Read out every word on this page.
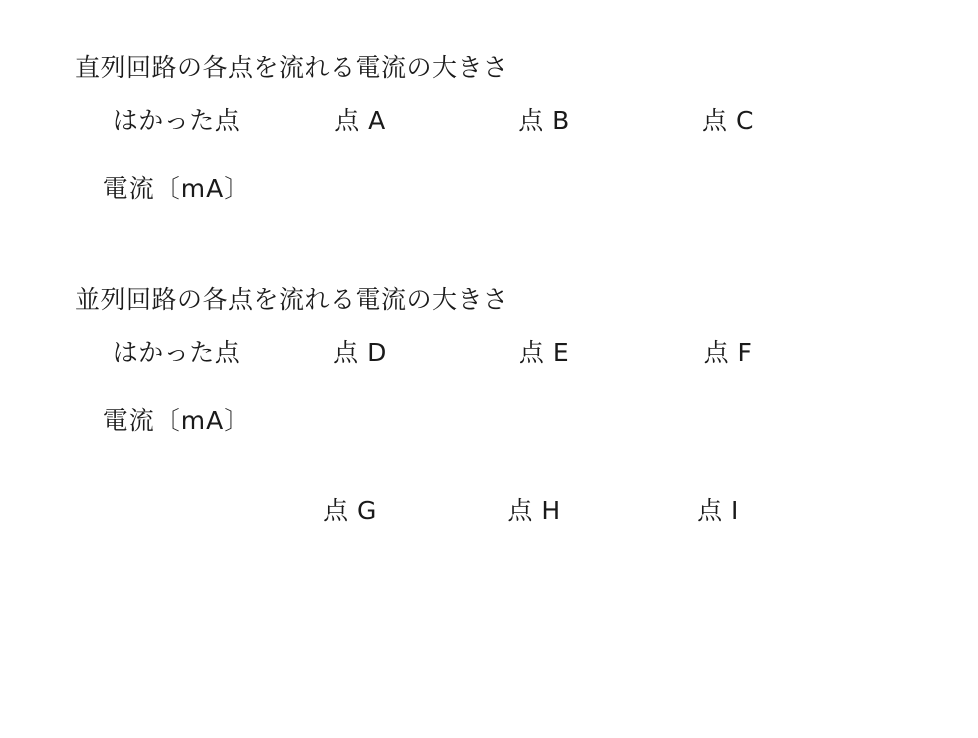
直列回路の各点を流れる電流の大きさ
はかった点	点 A	点 B	点 C
電流〔mA〕			
並列回路の各点を流れる電流の大きさ
はかった点	点 D	点 E	点 F
電流〔mA〕			
	点 G	点 H	点 I
